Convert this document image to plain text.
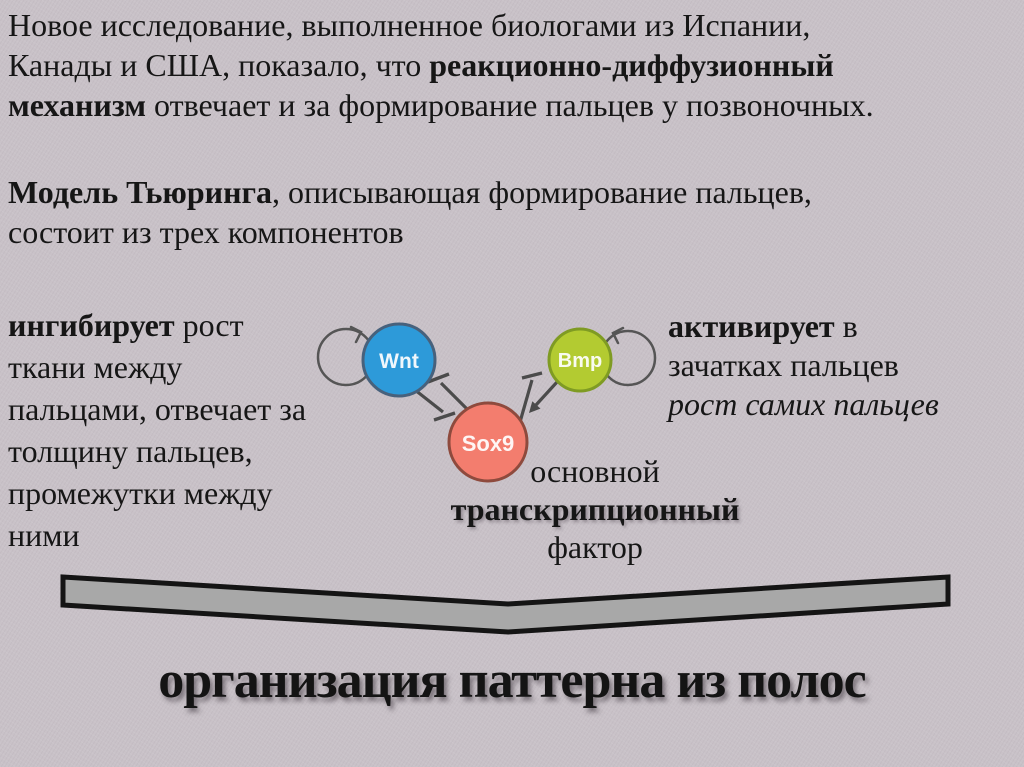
Новое исследование, выполненное биологами из Испании,
Канады и США, показало, что реакционно-диффузионный
механизм отвечает и за формирование пальцев у позвоночных.
Модель Тьюринга, описывающая формирование пальцев,
состоит из трех компонентов
ингибирует рост
ткани между
пальцами, отвечает за
толщину пальцев,
промежутки между
ними
активирует в
зачатках пальцев
рост самих пальцев
Wnt	Bmp
Sox9
основной
транскрипционный
фактор
организация паттерна из полос
